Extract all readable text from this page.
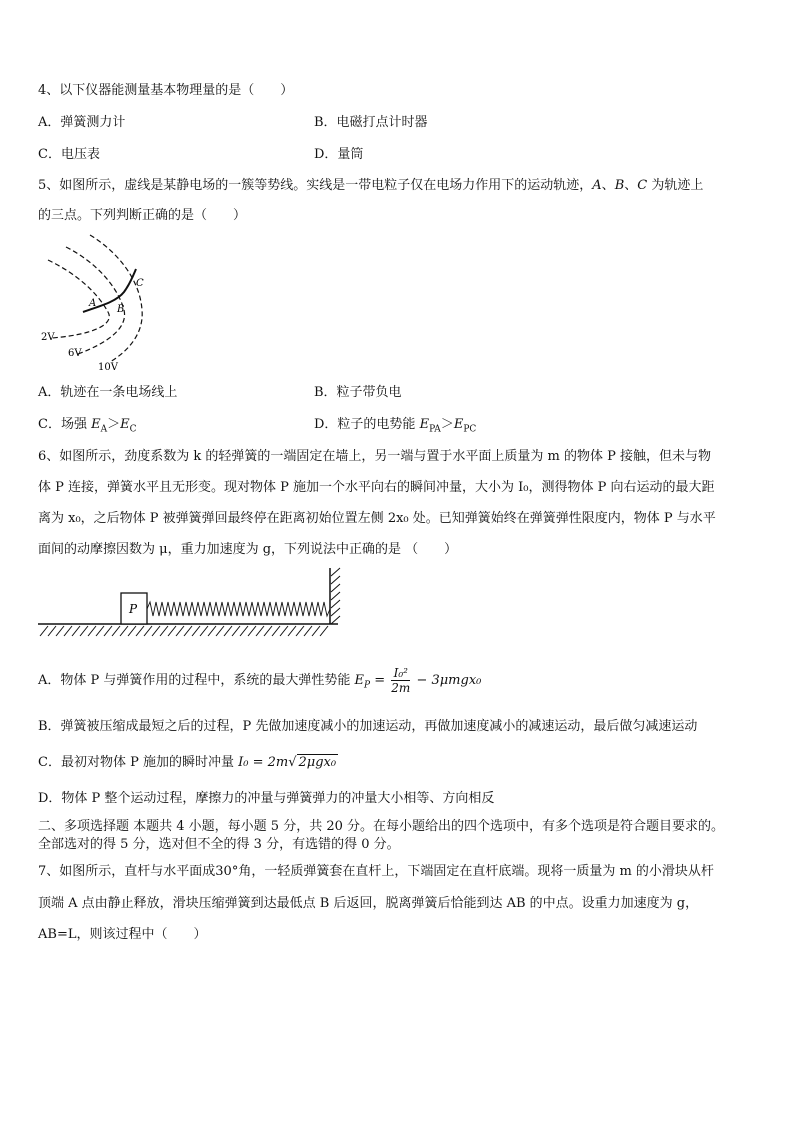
4、以下仪器能测量基本物理量的是（　　）
A．弹簧测力计	B．电磁打点计时器
C．电压表	D．量筒
5、如图所示，虚线是某静电场的一簇等势线。实线是一带电粒子仅在电场力作用下的运动轨迹，A、B、C 为轨迹上
的三点。下列判断正确的是（　　）
2V
6V
10V
A
B
C
A．轨迹在一条电场线上	B．粒子带负电
C．场强 $E_A>E_C$	D．粒子的电势能 $E_{PA}>E_{PC}$
6、如图所示，劲度系数为 k 的轻弹簧的一端固定在墙上，另一端与置于水平面上质量为 m 的物体 P 接触，但未与物
体 P 连接，弹簧水平且无形变。现对物体 P 施加一个水平向右的瞬间冲量，大小为 I₀，测得物体 P 向右运动的最大距
离为 x₀，之后物体 P 被弹簧弹回最终停在距离初始位置左侧 2x₀ 处。已知弹簧始终在弹簧弹性限度内，物体 P 与水平
面间的动摩擦因数为 μ，重力加速度为 g，下列说法中正确的是 （　　）
P
A．物体 P 与弹簧作用的过程中，系统的最大弹性势能 $E_P = \frac{\text{I₀²}}{2m} - 3\mu mgx_0$
B．弹簧被压缩成最短之后的过程，P 先做加速度减小的加速运动，再做加速度减小的减速运动，最后做匀减速运动
C．最初对物体 P 施加的瞬时冲量 I₀ = 2m√ 2μgx₀
D．物体 P 整个运动过程，摩擦力的冲量与弹簧弹力的冲量大小相等、方向相反
二、多项选择题 本题共 4 小题，每小题 5 分，共 20 分。在每小题给出的四个选项中，有多个选项是符合题目要求的。
全部选对的得 5 分，选对但不全的得 3 分，有选错的得 0 分。
7、如图所示，直杆与水平面成30°角，一轻质弹簧套在直杆上，下端固定在直杆底端。现将一质量为 m 的小滑块从杆
顶端 A 点由静止释放，滑块压缩弹簧到达最低点 B 后返回，脱离弹簧后恰能到达 AB 的中点。设重力加速度为 g，
AB=L，则该过程中（　　）
